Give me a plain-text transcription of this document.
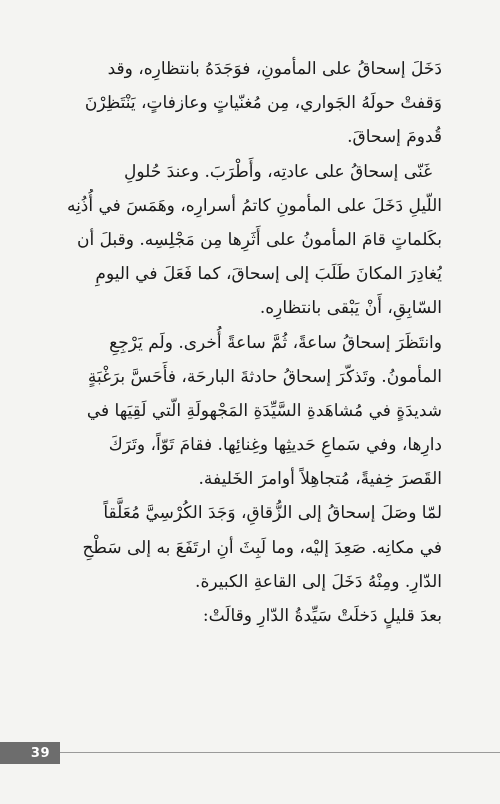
دَخَلَ إسحاقُ على المأمونِ، فوَجَدَهُ بانتظارِه، وقد
وَقفتْ حولَهُ الجَواري، مِن مُغنّياتٍ وعازفاتٍ، يَنْتَظِرْنَ
قُدومَ إسحاقَ.
غَنّى إسحاقُ على عادتِه، وأَطْرَبَ. وعندَ حُلولِ
اللّيلِ دَخَلَ على المأمونِ كاتمُ أسرارِه، وهَمَسَ في أُذُنِه
بكَلماتٍ قامَ المأمونُ على أَثَرِها مِن مَجْلِسِه. وقبلَ أن
يُغادِرَ المكانَ طَلَبَ إلى إسحاقَ، كما فَعَلَ في اليومِ
السّابِقِ، أَنْ يَبْقى بانتظارِه.
وانتَظَرَ إسحاقُ ساعةً، ثُمَّ ساعةً أُخرى. ولَم يَرْجِعِ
المأمونُ. وتَذكّرَ إسحاقُ حادثةَ البارحَة، فأَحَسَّ برَغْبَةٍ
شديدَةٍ في مُشاهَدةِ السَّيِّدَةِ المَجْهولَةِ الّتي لَقِيَها في
دارِها، وفي سَماعِ حَديثِها وغِنائِها. فقامَ تَوّاً، وتَرَكَ
القَصرَ خِفيةً، مُتجاهِلاً أوامرَ الخَليفة.
لمّا وصَلَ إسحاقُ إلى الزُّقاقِ، وَجَدَ الكُرْسِيَّ مُعَلَّقاً
في مكانِه. صَعِدَ إليْه، وما لَبِثَ أنِ ارتَفَعَ به إلى سَطْحِ
الدّارِ. ومِنْهُ دَخَلَ إلى القاعةِ الكبيرة.
بعدَ قليلٍ دَخلَتْ سَيِّدةُ الدّارِ وقالَتْ:
39
